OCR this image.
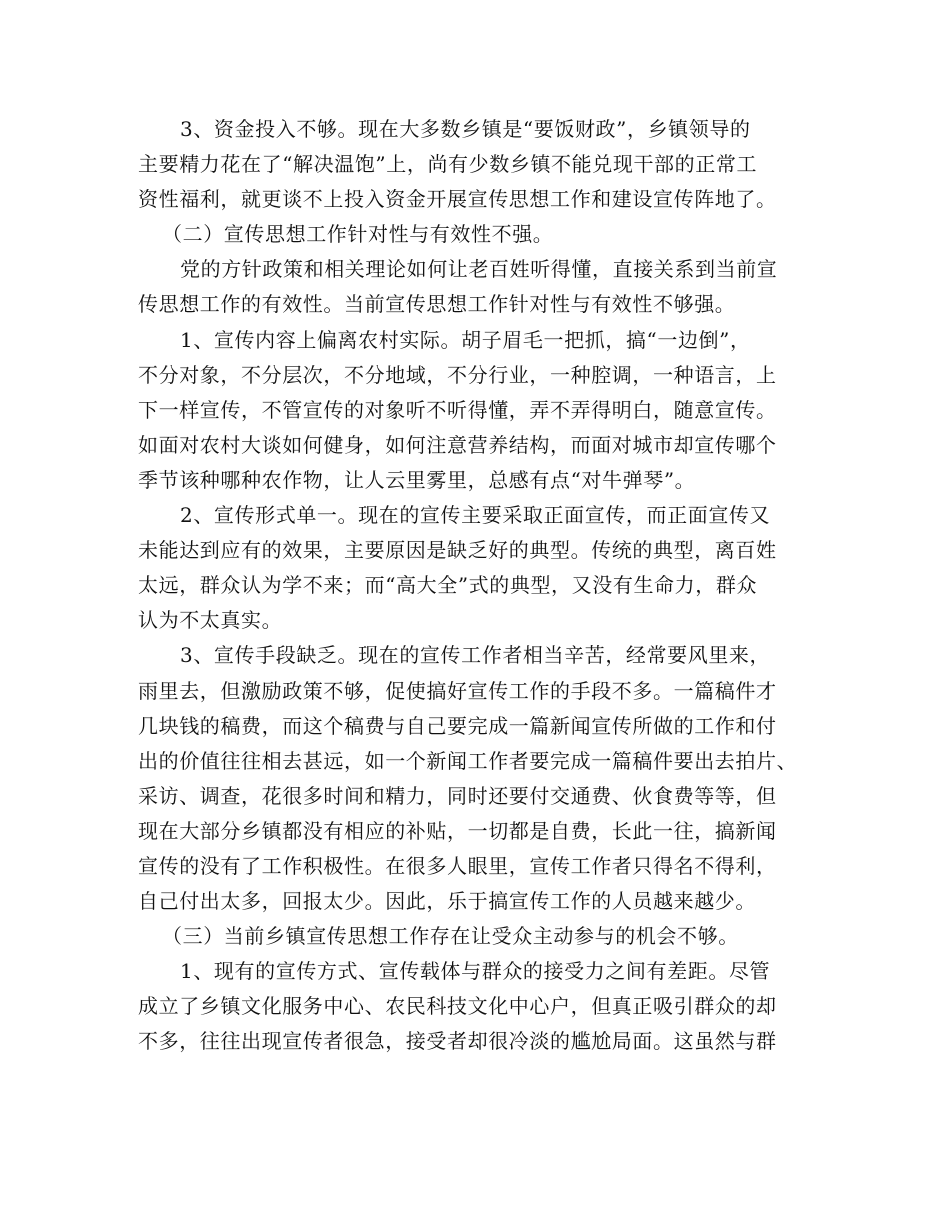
3、资金投入不够。现在大多数乡镇是“要饭财政”，乡镇领导的
主要精力花在了“解决温饱”上，尚有少数乡镇不能兑现干部的正常工
资性福利，就更谈不上投入资金开展宣传思想工作和建设宣传阵地了。
（二）宣传思想工作针对性与有效性不强。
党的方针政策和相关理论如何让老百姓听得懂，直接关系到当前宣
传思想工作的有效性。当前宣传思想工作针对性与有效性不够强。
1、宣传内容上偏离农村实际。胡子眉毛一把抓，搞“一边倒”，
不分对象，不分层次，不分地域，不分行业，一种腔调，一种语言，上
下一样宣传，不管宣传的对象听不听得懂，弄不弄得明白，随意宣传。
如面对农村大谈如何健身，如何注意营养结构，而面对城市却宣传哪个
季节该种哪种农作物，让人云里雾里，总感有点“对牛弹琴”。
2、宣传形式单一。现在的宣传主要采取正面宣传，而正面宣传又
未能达到应有的效果，主要原因是缺乏好的典型。传统的典型，离百姓
太远，群众认为学不来；而“高大全”式的典型，又没有生命力，群众
认为不太真实。
3、宣传手段缺乏。现在的宣传工作者相当辛苦，经常要风里来，
雨里去，但激励政策不够，促使搞好宣传工作的手段不多。一篇稿件才
几块钱的稿费，而这个稿费与自己要完成一篇新闻宣传所做的工作和付
出的价值往往相去甚远，如一个新闻工作者要完成一篇稿件要出去拍片、
采访、调查，花很多时间和精力，同时还要付交通费、伙食费等等，但
现在大部分乡镇都没有相应的补贴，一切都是自费，长此一往，搞新闻
宣传的没有了工作积极性。在很多人眼里，宣传工作者只得名不得利，
自己付出太多，回报太少。因此，乐于搞宣传工作的人员越来越少。
（三）当前乡镇宣传思想工作存在让受众主动参与的机会不够。
1、现有的宣传方式、宣传载体与群众的接受力之间有差距。尽管
成立了乡镇文化服务中心、农民科技文化中心户，但真正吸引群众的却
不多，往往出现宣传者很急，接受者却很冷淡的尴尬局面。这虽然与群
